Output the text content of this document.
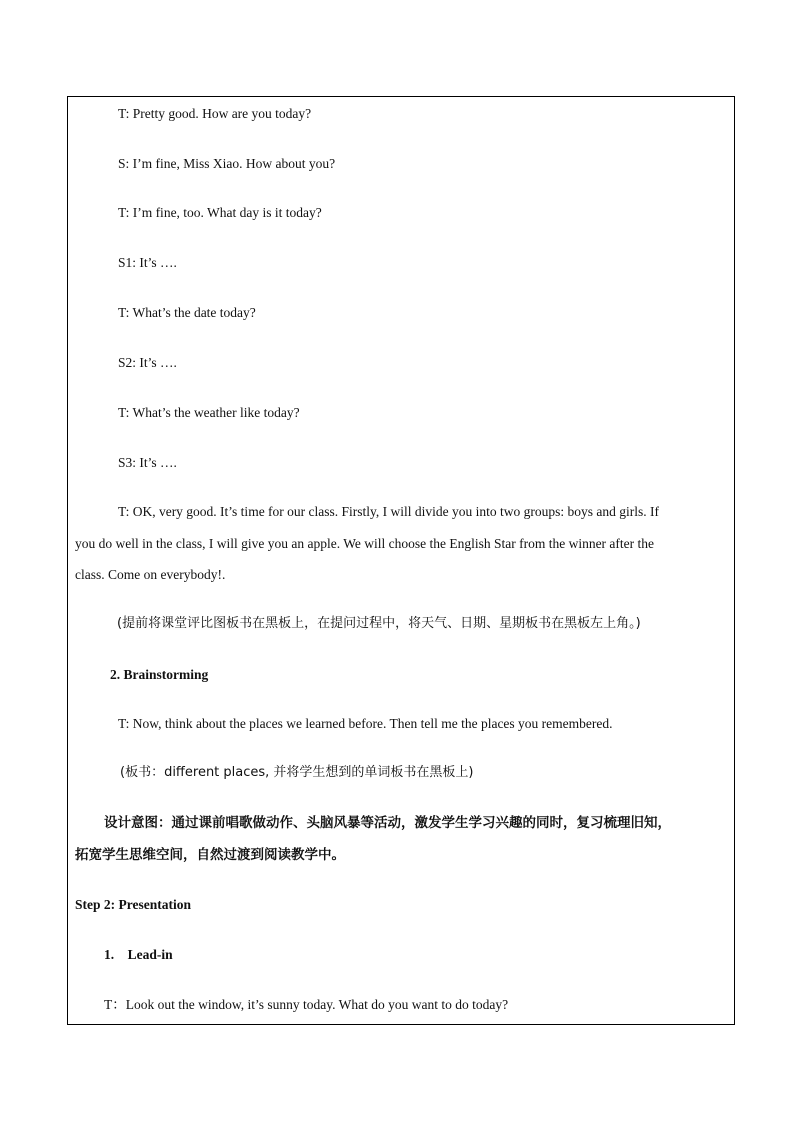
T: Pretty good. How are you today?
S: I’m fine, Miss Xiao. How about you?
T: I’m fine, too. What day is it today?
S1: It’s ….
T: What’s the date today?
S2: It’s ….
T: What’s the weather like today?
S3: It’s ….
T: OK, very good. It’s time for our class. Firstly, I will divide you into two groups: boys and girls. If
you do well in the class, I will give you an apple. We will choose the English Star from the winner after the
class. Come on everybody!.
(提前将课堂评比图板书在黑板上，在提问过程中，将天气、日期、星期板书在黑板左上角。)
2. Brainstorming
T: Now, think about the places we learned before. Then tell me the places you remembered.
(板书：different places, 并将学生想到的单词板书在黑板上)
设计意图：通过课前唱歌做动作、头脑风暴等活动，激发学生学习兴趣的同时，复习梳理旧知，
拓宽学生思维空间，自然过渡到阅读教学中。
Step 2: Presentation
1.    Lead-in
T：Look out the window, it’s sunny today. What do you want to do today?
